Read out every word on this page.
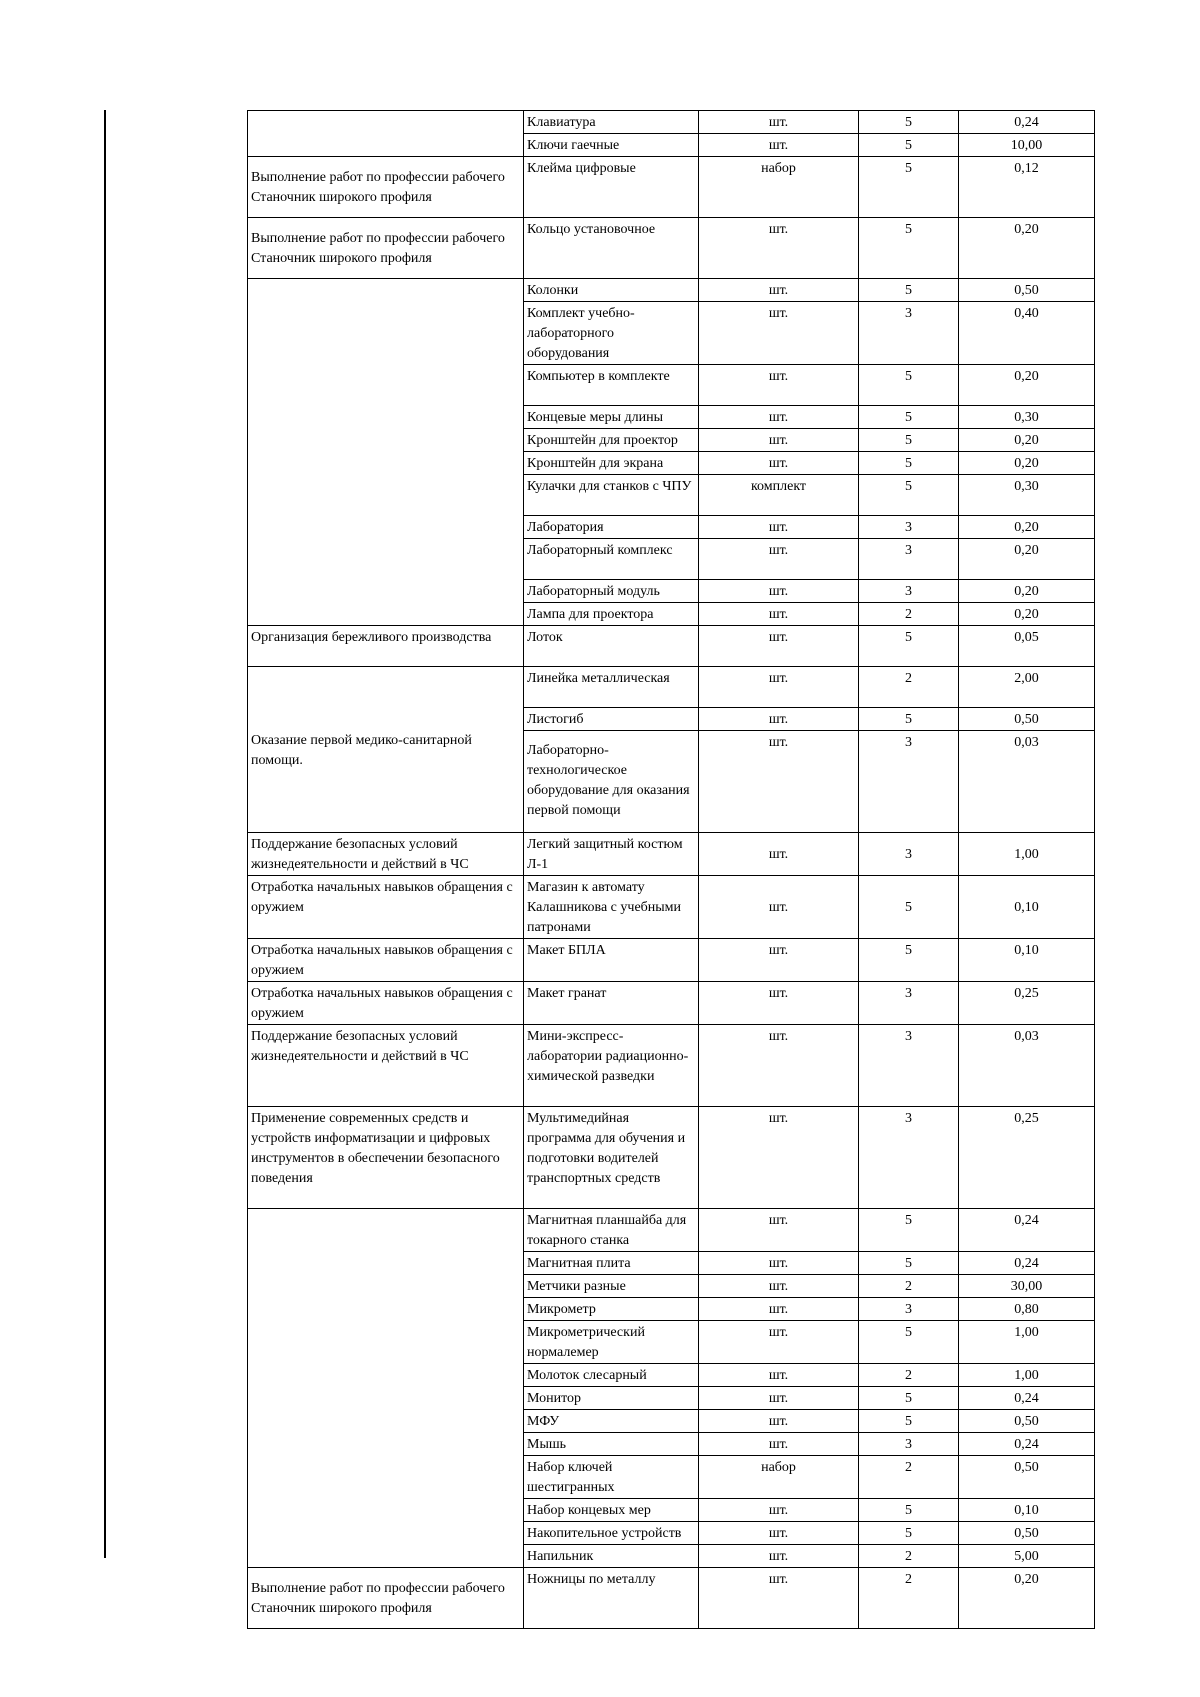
	Клавиатура	шт.	5	0,24
	Ключи гаечные	шт.	5	10,00
Выполнение работ по профессии рабочего Станочник широкого профиля	Клейма цифровые	набор	5	0,12
Выполнение работ по профессии рабочего Станочник широкого профиля	Кольцо установочное	шт.	5	0,20
	Колонки	шт.	5	0,50
	Комплект учебно-лабораторного оборудования	шт.	3	0,40
	Компьютер в комплекте	шт.	5	0,20
	Концевые меры длины	шт.	5	0,30
	Кронштейн для проектор	шт.	5	0,20
	Кронштейн для экрана	шт.	5	0,20
	Кулачки для станков с ЧПУ	комплект	5	0,30
	Лаборатория	шт.	3	0,20
	Лабораторный комплекс	шт.	3	0,20
	Лабораторный модуль	шт.	3	0,20
	Лампа для проектора	шт.	2	0,20
Организация бережливого производства	Лоток	шт.	5	0,05
Оказание первой медико-санитарной помощи.	Линейка металлическая	шт.	2	2,00
	Листогиб	шт.	5	0,50
	Лабораторно-технологическое оборудование для оказания первой помощи	шт.	3	0,03
Поддержание безопасных условий жизнедеятельности и действий в ЧС	Легкий защитный костюм Л-1	шт.	3	1,00
Отработка начальных навыков обращения с оружием	Магазин к автомату Калашникова с учебными патронами	шт.	5	0,10
Отработка начальных навыков обращения с оружием	Макет БПЛА	шт.	5	0,10
Отработка начальных навыков обращения с оружием	Макет гранат	шт.	3	0,25
Поддержание безопасных условий жизнедеятельности и действий в ЧС	Мини-экспресс-лаборатории радиационно-химической разведки	шт.	3	0,03
Применение современных средств и устройств информатизации и цифровых инструментов в обеспечении безопасного поведения	Мультимедийная программа для обучения и подготовки водителей транспортных средств	шт.	3	0,25
	Магнитная планшайба для токарного станка	шт.	5	0,24
	Магнитная плита	шт.	5	0,24
	Метчики разные	шт.	2	30,00
	Микрометр	шт.	3	0,80
	Микрометрический нормалемер	шт.	5	1,00
	Молоток слесарный	шт.	2	1,00
	Монитор	шт.	5	0,24
	МФУ	шт.	5	0,50
	Мышь	шт.	3	0,24
	Набор ключей шестигранных	набор	2	0,50
	Набор концевых мер	шт.	5	0,10
	Накопительное устройств	шт.	5	0,50
	Напильник	шт.	2	5,00
Выполнение работ по профессии рабочего Станочник широкого профиля	Ножницы по металлу	шт.	2	0,20
